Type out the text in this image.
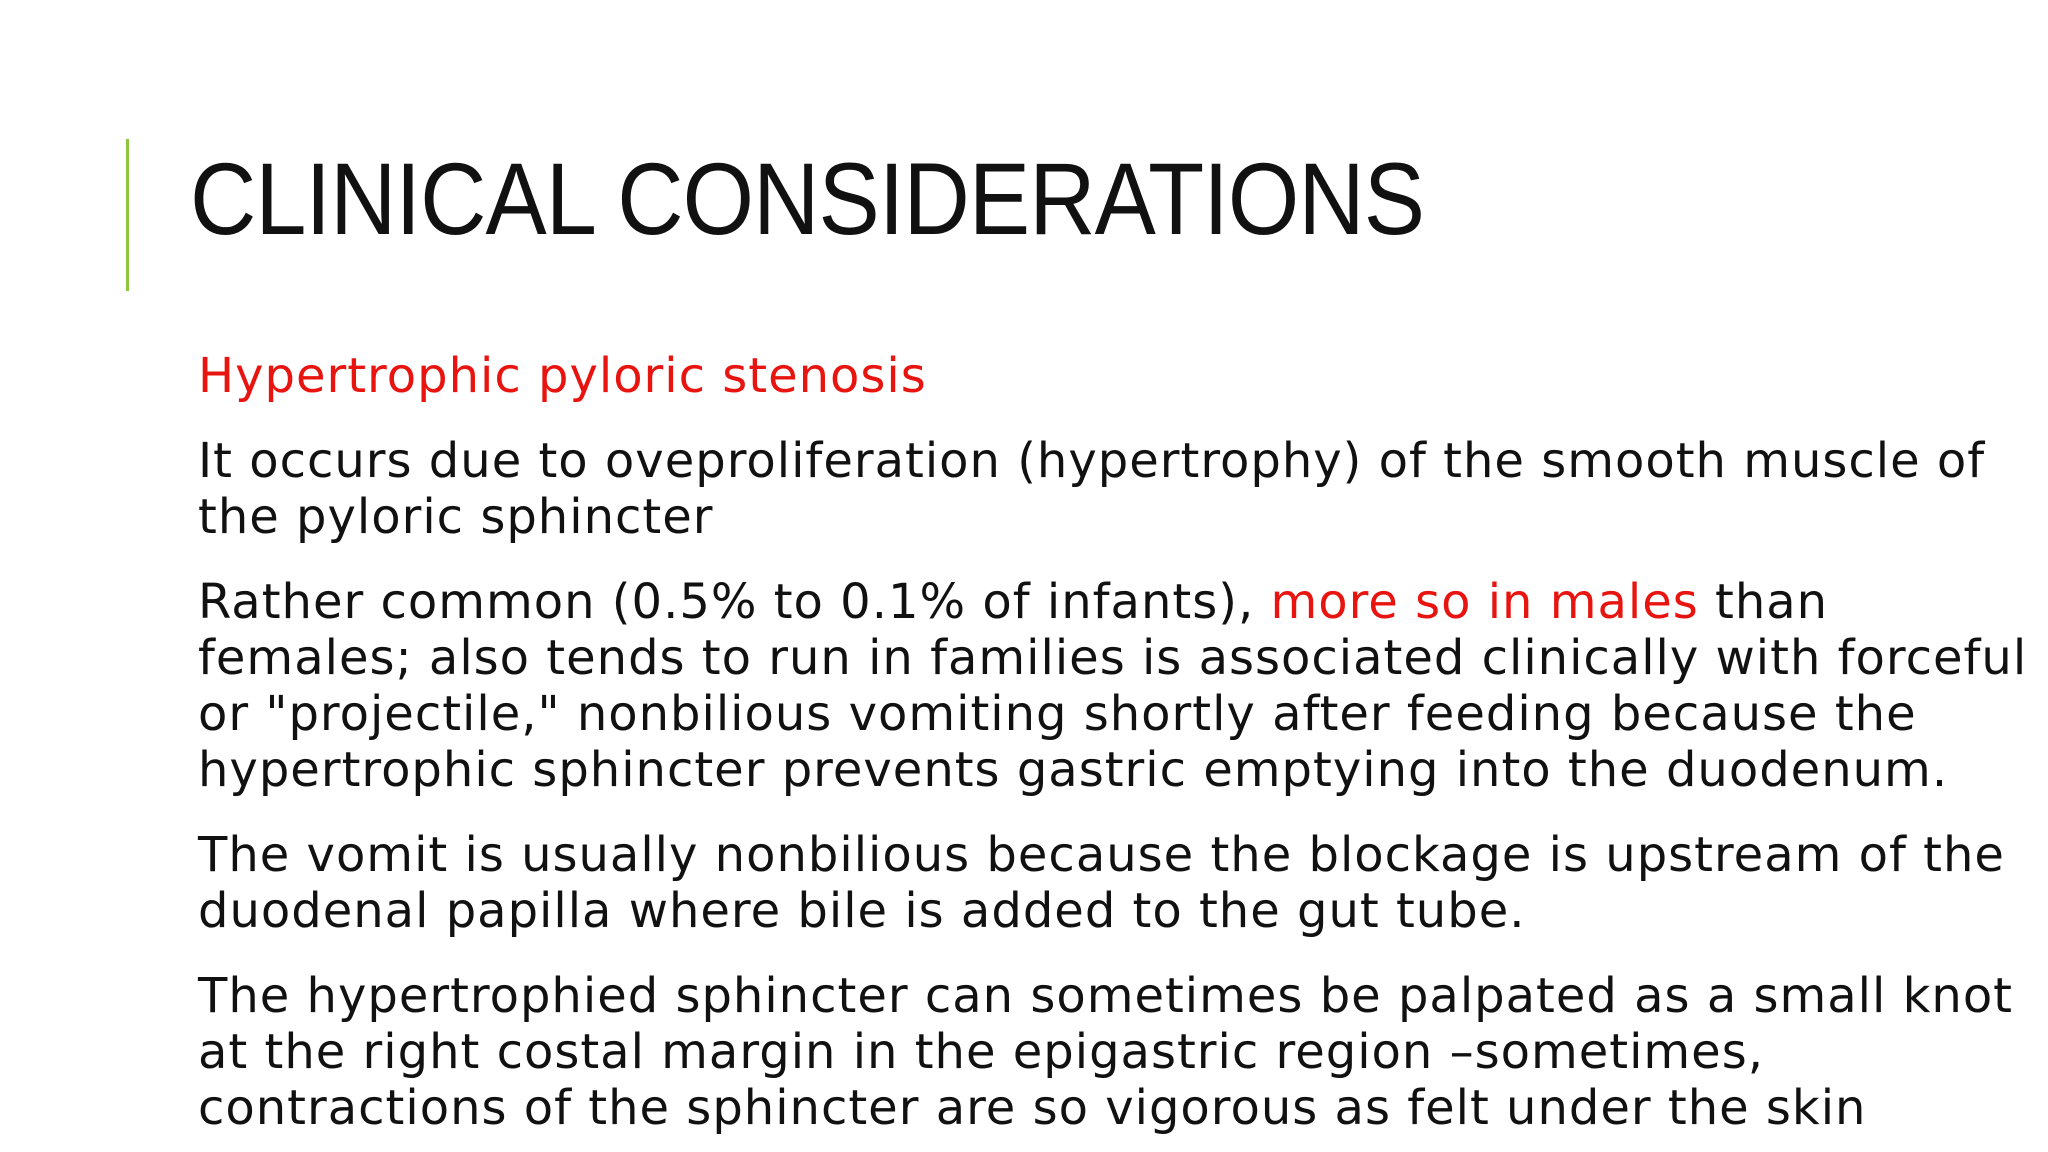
CLINICAL CONSIDERATIONS

Hypertrophic pyloric stenosis

It occurs due to oveproliferation (hypertrophy) of the smooth muscle of the pyloric sphincter

Rather common (0.5% to 0.1% of infants), more so in males than females; also tends to run in families is associated clinically with forceful or "projectile," nonbilious vomiting shortly after feeding because the hypertrophic sphincter prevents gastric emptying into the duodenum.

The vomit is usually nonbilious because the blockage is upstream of the duodenal papilla where bile is added to the gut tube.

The hypertrophied sphincter can sometimes be palpated as a small knot at the right costal margin in the epigastric region –sometimes, contractions of the sphincter are so vigorous as felt under the skin
